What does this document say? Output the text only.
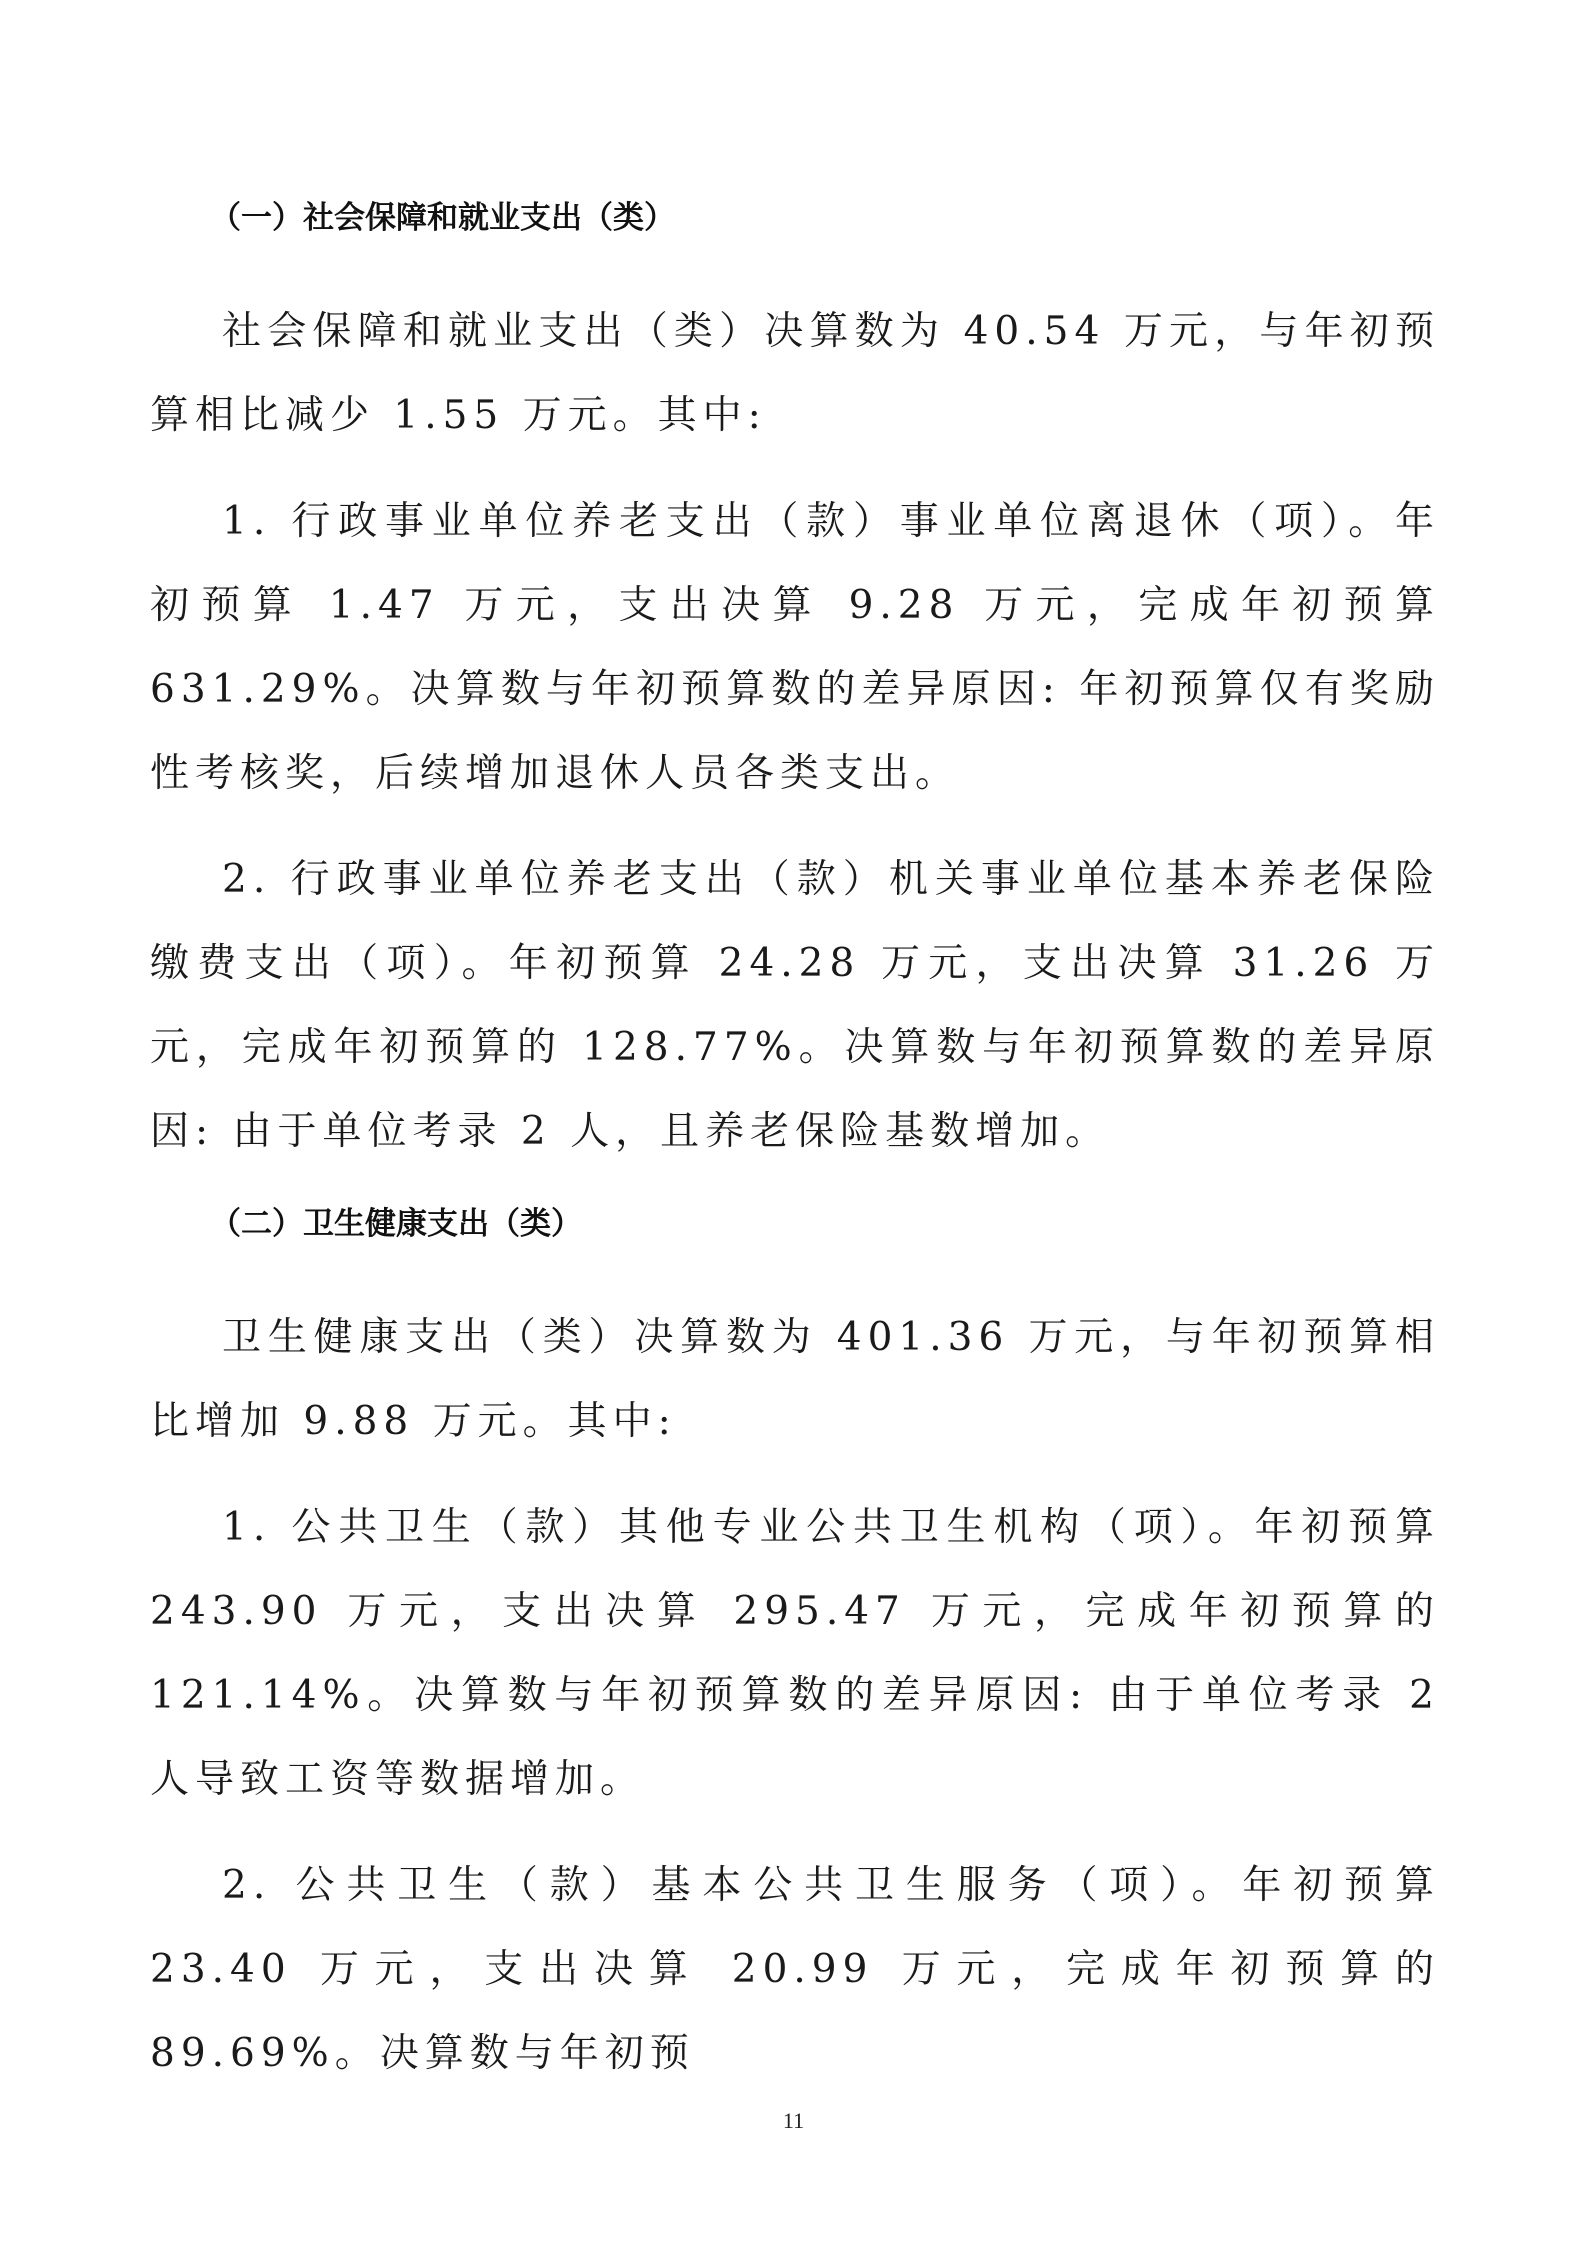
（一）社会保障和就业支出（类）

社会保障和就业支出（类）决算数为 40.54 万元，与年初预算相比减少 1.55 万元。其中:

1. 行政事业单位养老支出（款）事业单位离退休（项）。年初预算 1.47 万元，支出决算 9.28 万元，完成年初预算 631.29%。决算数与年初预算数的差异原因: 年初预算仅有奖励性考核奖，后续增加退休人员各类支出。

2. 行政事业单位养老支出（款）机关事业单位基本养老保险缴费支出（项）。年初预算 24.28 万元，支出决算 31.26 万元，完成年初预算的 128.77%。决算数与年初预算数的差异原因: 由于单位考录 2 人，且养老保险基数增加。

（二）卫生健康支出（类）

卫生健康支出（类）决算数为 401.36 万元，与年初预算相比增加 9.88 万元。其中:

1. 公共卫生（款）其他专业公共卫生机构（项）。年初预算 243.90 万元，支出决算 295.47 万元，完成年初预算的 121.14%。决算数与年初预算数的差异原因: 由于单位考录 2 人导致工资等数据增加。

2. 公共卫生（款）基本公共卫生服务（项）。年初预算 23.40 万元，支出决算 20.99 万元，完成年初预算的 89.69%。决算数与年初预

11
